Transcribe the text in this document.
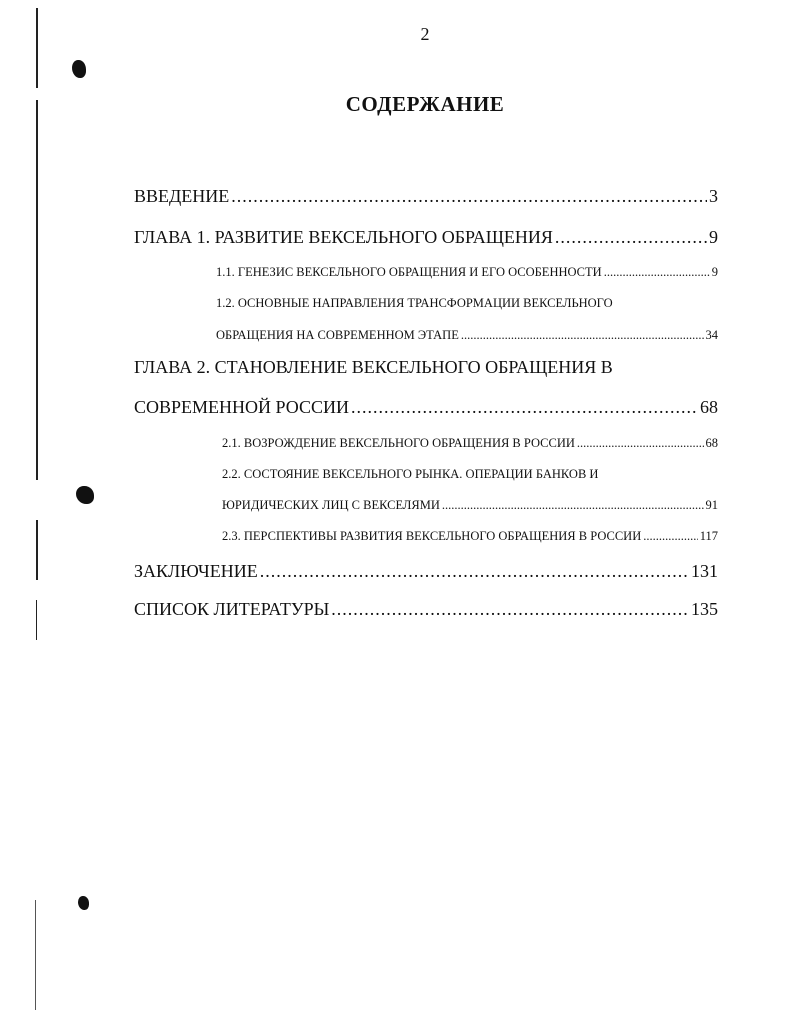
2
СОДЕРЖАНИЕ
ВВЕДЕНИЕ .....	3
ГЛАВА 1. РАЗВИТИЕ ВЕКСЕЛЬНОГО ОБРАЩЕНИЯ .....	9
1.1. ГЕНЕЗИС ВЕКСЕЛЬНОГО ОБРАЩЕНИЯ И ЕГО ОСОБЕННОСТИ .....	9
1.2. ОСНОВНЫЕ НАПРАВЛЕНИЯ ТРАНСФОРМАЦИИ ВЕКСЕЛЬНОГО
ОБРАЩЕНИЯ НА СОВРЕМЕННОМ ЭТАПЕ .....	34
ГЛАВА 2. СТАНОВЛЕНИЕ ВЕКСЕЛЬНОГО ОБРАЩЕНИЯ В
СОВРЕМЕННОЙ РОССИИ .....	68
2.1. ВОЗРОЖДЕНИЕ ВЕКСЕЛЬНОГО ОБРАЩЕНИЯ В РОССИИ .....	68
2.2. СОСТОЯНИЕ ВЕКСЕЛЬНОГО РЫНКА. ОПЕРАЦИИ БАНКОВ И
ЮРИДИЧЕСКИХ ЛИЦ С ВЕКСЕЛЯМИ .....	91
2.3. ПЕРСПЕКТИВЫ РАЗВИТИЯ ВЕКСЕЛЬНОГО ОБРАЩЕНИЯ В РОССИИ .....	117
ЗАКЛЮЧЕНИЕ .....	131
СПИСОК ЛИТЕРАТУРЫ .....	135
